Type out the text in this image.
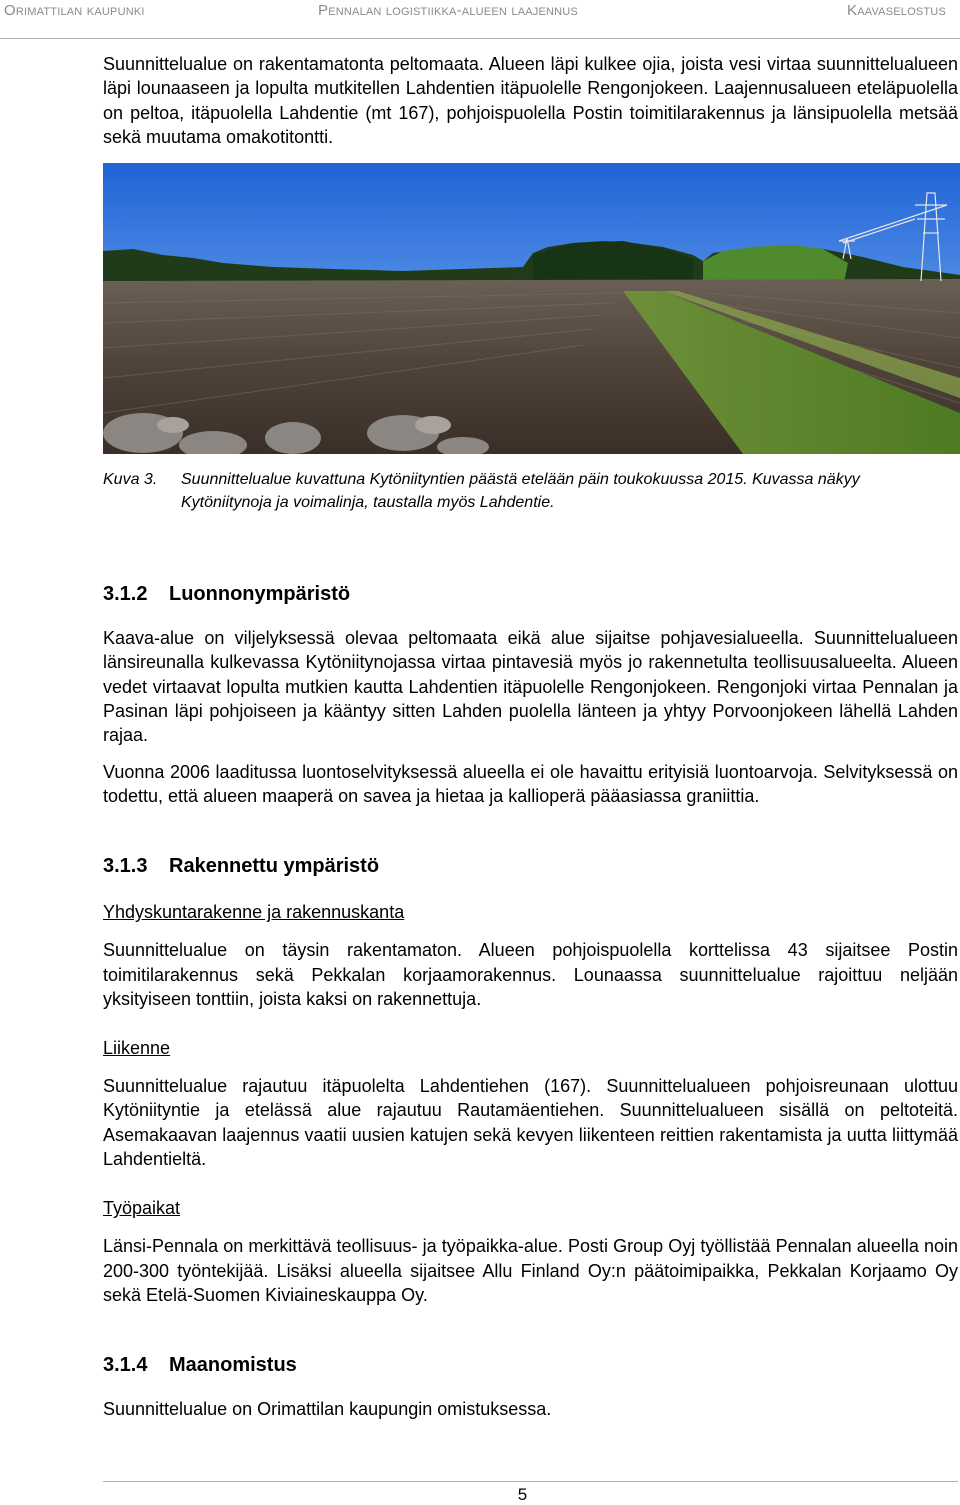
Orimattilan kaupunki	Pennalan logistiikka-alueen laajennus	Kaavaselostus

Suunnittelualue on rakentamatonta peltomaata. Alueen läpi kulkee ojia, joista vesi virtaa suunnittelualueen läpi lounaaseen ja lopulta mutkitellen Lahdentien itäpuolelle Rengonjokeen. Laajennusalueen eteläpuolella on peltoa, itäpuolella Lahdentie (mt 167), pohjoispuolella Postin toimitilarakennus ja länsipuolella metsää sekä muutama omakotitontti.

Kuva 3.	Suunnittelualue kuvattuna Kytöniityntien päästä etelään päin toukokuussa 2015. Kuvassa näkyy Kytöniitynoja ja voimalinja, taustalla myös Lahdentie.
3.1.2	Luonnonympäristö

Kaava-alue on viljelyksessä olevaa peltomaata eikä alue sijaitse pohjavesialueella. Suunnittelualueen länsireunalla kulkevassa Kytöniitynojassa virtaa pintavesiä myös jo rakennetulta teollisuusalueelta. Alueen vedet virtaavat lopulta mutkien kautta Lahdentien itäpuolelle Rengonjokeen. Rengonjoki virtaa Pennalan ja Pasinan läpi pohjoiseen ja kääntyy sitten Lahden puolella länteen ja yhtyy Porvoonjokeen lähellä Lahden rajaa.

Vuonna 2006 laaditussa luontoselvityksessä alueella ei ole havaittu erityisiä luontoarvoja. Selvityksessä on todettu, että alueen maaperä on savea ja hietaa ja kallioperä pääasiassa graniittia.

3.1.3	Rakennettu ympäristö
Yhdyskuntarakenne ja rakennuskanta

Suunnittelualue on täysin rakentamaton. Alueen pohjoispuolella korttelissa 43 sijaitsee Postin toimitilarakennus sekä Pekkalan korjaamorakennus. Lounaassa suunnittelualue rajoittuu neljään yksityiseen tonttiin, joista kaksi on rakennettuja.

Liikenne

Suunnittelualue rajautuu itäpuolelta Lahdentiehen (167). Suunnittelualueen pohjoisreunaan ulottuu Kytöniityntie ja etelässä alue rajautuu Rautamäentiehen. Suunnittelualueen sisällä on peltoteitä. Asemakaavan laajennus vaatii uusien katujen sekä kevyen liikenteen reittien rakentamista ja uutta liittymää Lahdentieltä.

Työpaikat

Länsi-Pennala on merkittävä teollisuus- ja työpaikka-alue. Posti Group Oyj työllistää Pennalan alueella noin 200-300 työntekijää. Lisäksi alueella sijaitsee Allu Finland Oy:n päätoimipaikka, Pekkalan Korjaamo Oy sekä Etelä-Suomen Kiviaineskauppa Oy.

3.1.4	Maanomistus

Suunnittelualue on Orimattilan kaupungin omistuksessa.

5
